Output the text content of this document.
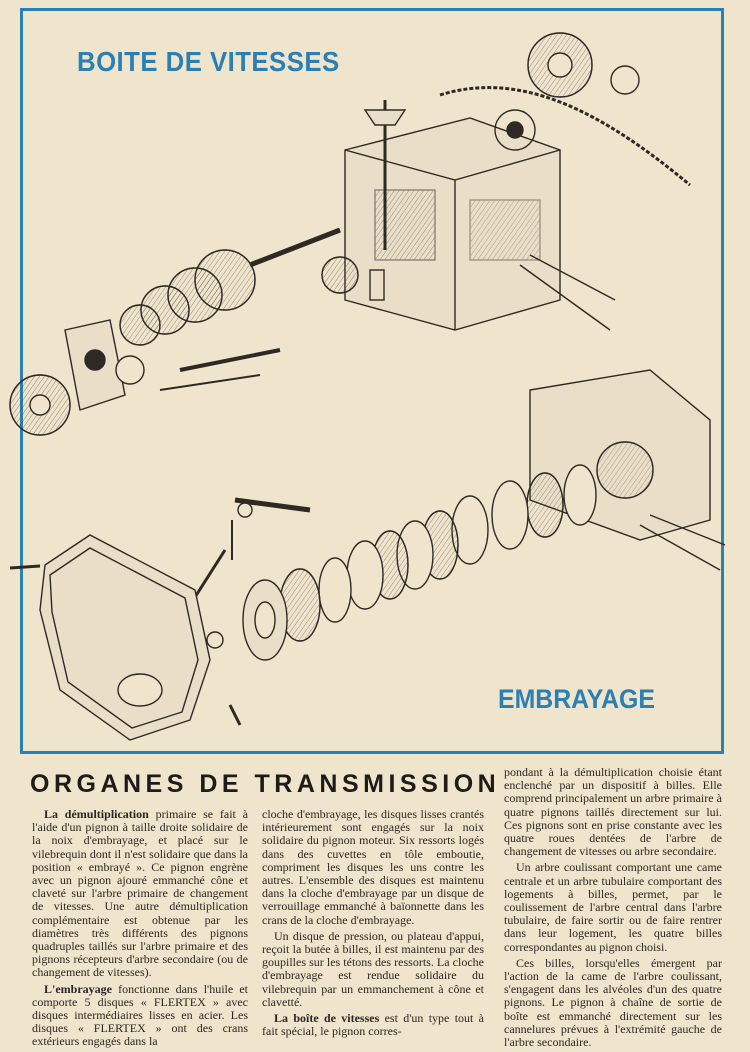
BOITE DE VITESSES
EMBRAYAGE
ORGANES DE TRANSMISSION

La démultiplication primaire se fait à l'aide d'un pignon à taille droite solidaire de la noix d'embrayage, et placé sur le vilebrequin dont il n'est solidaire que dans la position « embrayé ». Ce pignon engrène avec un pignon ajouré emmanché cône et claveté sur l'arbre primaire de changement de vitesses. Une autre démultiplication complémentaire est obtenue par les diamètres très différents des pignons quadruples taillés sur l'arbre primaire et des pignons récepteurs d'arbre secondaire (ou de changement de vitesses).

L'embrayage fonctionne dans l'huile et comporte 5 disques « FLERTEX » avec disques intermédiaires lisses en acier. Les disques « FLERTEX » ont des crans extérieurs engagés dans la

cloche d'embrayage, les disques lisses crantés intérieurement sont engagés sur la noix solidaire du pignon moteur. Six ressorts logés dans des cuvettes en tôle emboutie, compriment les disques les uns contre les autres. L'ensemble des disques est maintenu dans la cloche d'embrayage par un disque de verrouillage emmanché à baïonnette dans les crans de la cloche d'embrayage.

Un disque de pression, ou plateau d'appui, reçoit la butée à billes, il est maintenu par des goupilles sur les tétons des ressorts. La cloche d'embrayage est rendue solidaire du vilebrequin par un emmanchement à cône et clavetté.

La boîte de vitesses est d'un type tout à fait spécial, le pignon corres-

pondant à la démultiplication choisie étant enclenché par un dispositif à billes. Elle comprend principalement un arbre primaire à quatre pignons taillés directement sur lui. Ces pignons sont en prise constante avec les quatre roues dentées de l'arbre de changement de vitesses ou arbre secondaire.

Un arbre coulissant comportant une came centrale et un arbre tubulaire comportant des logements à billes, permet, par le coulissement de l'arbre central dans l'arbre tubulaire, de faire sortir ou de faire rentrer dans leur logement, les quatre billes correspondantes au pignon choisi.

Ces billes, lorsqu'elles émergent par l'action de la came de l'arbre coulissant, s'engagent dans les alvéoles d'un des quatre pignons. Le pignon à chaîne de sortie de boîte est emmanché directement sur les cannelures prévues à l'extrémité gauche de l'arbre secondaire.
